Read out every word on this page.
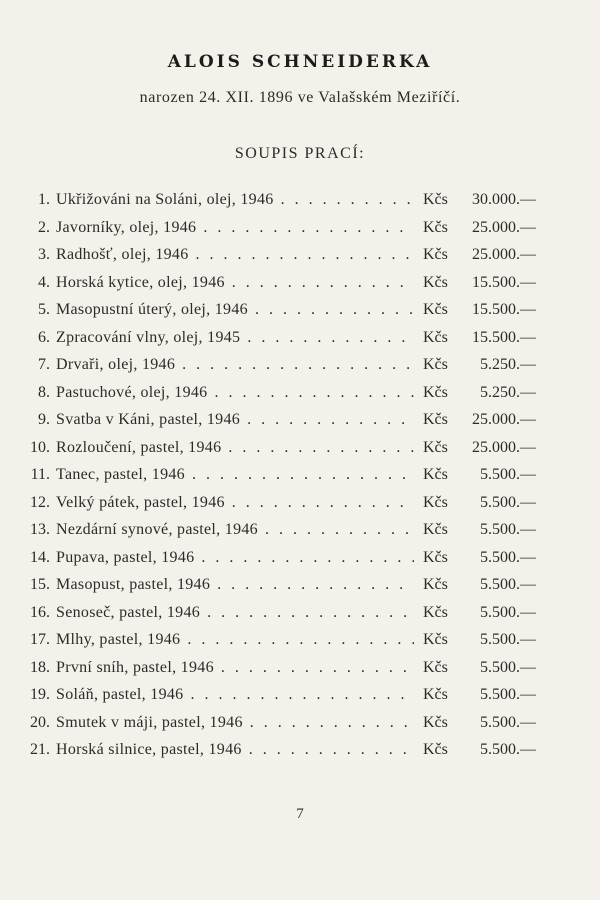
ALOIS SCHNEIDERKA
narozen 24. XII. 1896 ve Valašském Meziříčí.
SOUPIS PRACÍ:
1. Ukřižováni na Soláni, olej, 1946 . . .	Kčs	30.000.—
2. Javorníky, olej, 1946 . . .	Kčs	25.000.—
3. Radhošť, olej, 1946 . . .	Kčs	25.000.—
4. Horská kytice, olej, 1946 . . .	Kčs	15.500.—
5. Masopustní úterý, olej, 1946 . . .	Kčs	15.500.—
6. Zpracování vlny, olej, 1945 . . .	Kčs	15.500.—
7. Drvaři, olej, 1946 . . .	Kčs	5.250.—
8. Pastuchové, olej, 1946 . . .	Kčs	5.250.—
9. Svatba v Káni, pastel, 1946 . . .	Kčs	25.000.—
10. Rozloučení, pastel, 1946 . . .	Kčs	25.000.—
11. Tanec, pastel, 1946 . . .	Kčs	5.500.—
12. Velký pátek, pastel, 1946 . . .	Kčs	5.500.—
13. Nezdární synové, pastel, 1946 . . .	Kčs	5.500.—
14. Pupava, pastel, 1946 . . .	Kčs	5.500.—
15. Masopust, pastel, 1946 . . .	Kčs	5.500.—
16. Senoseč, pastel, 1946 . . .	Kčs	5.500.—
17. Mlhy, pastel, 1946 . . .	Kčs	5.500.—
18. První sníh, pastel, 1946 . . .	Kčs	5.500.—
19. Soláň, pastel, 1946 . . .	Kčs	5.500.—
20. Smutek v máji, pastel, 1946 . . .	Kčs	5.500.—
21. Horská silnice, pastel, 1946 . . .	Kčs	5.500.—
7
